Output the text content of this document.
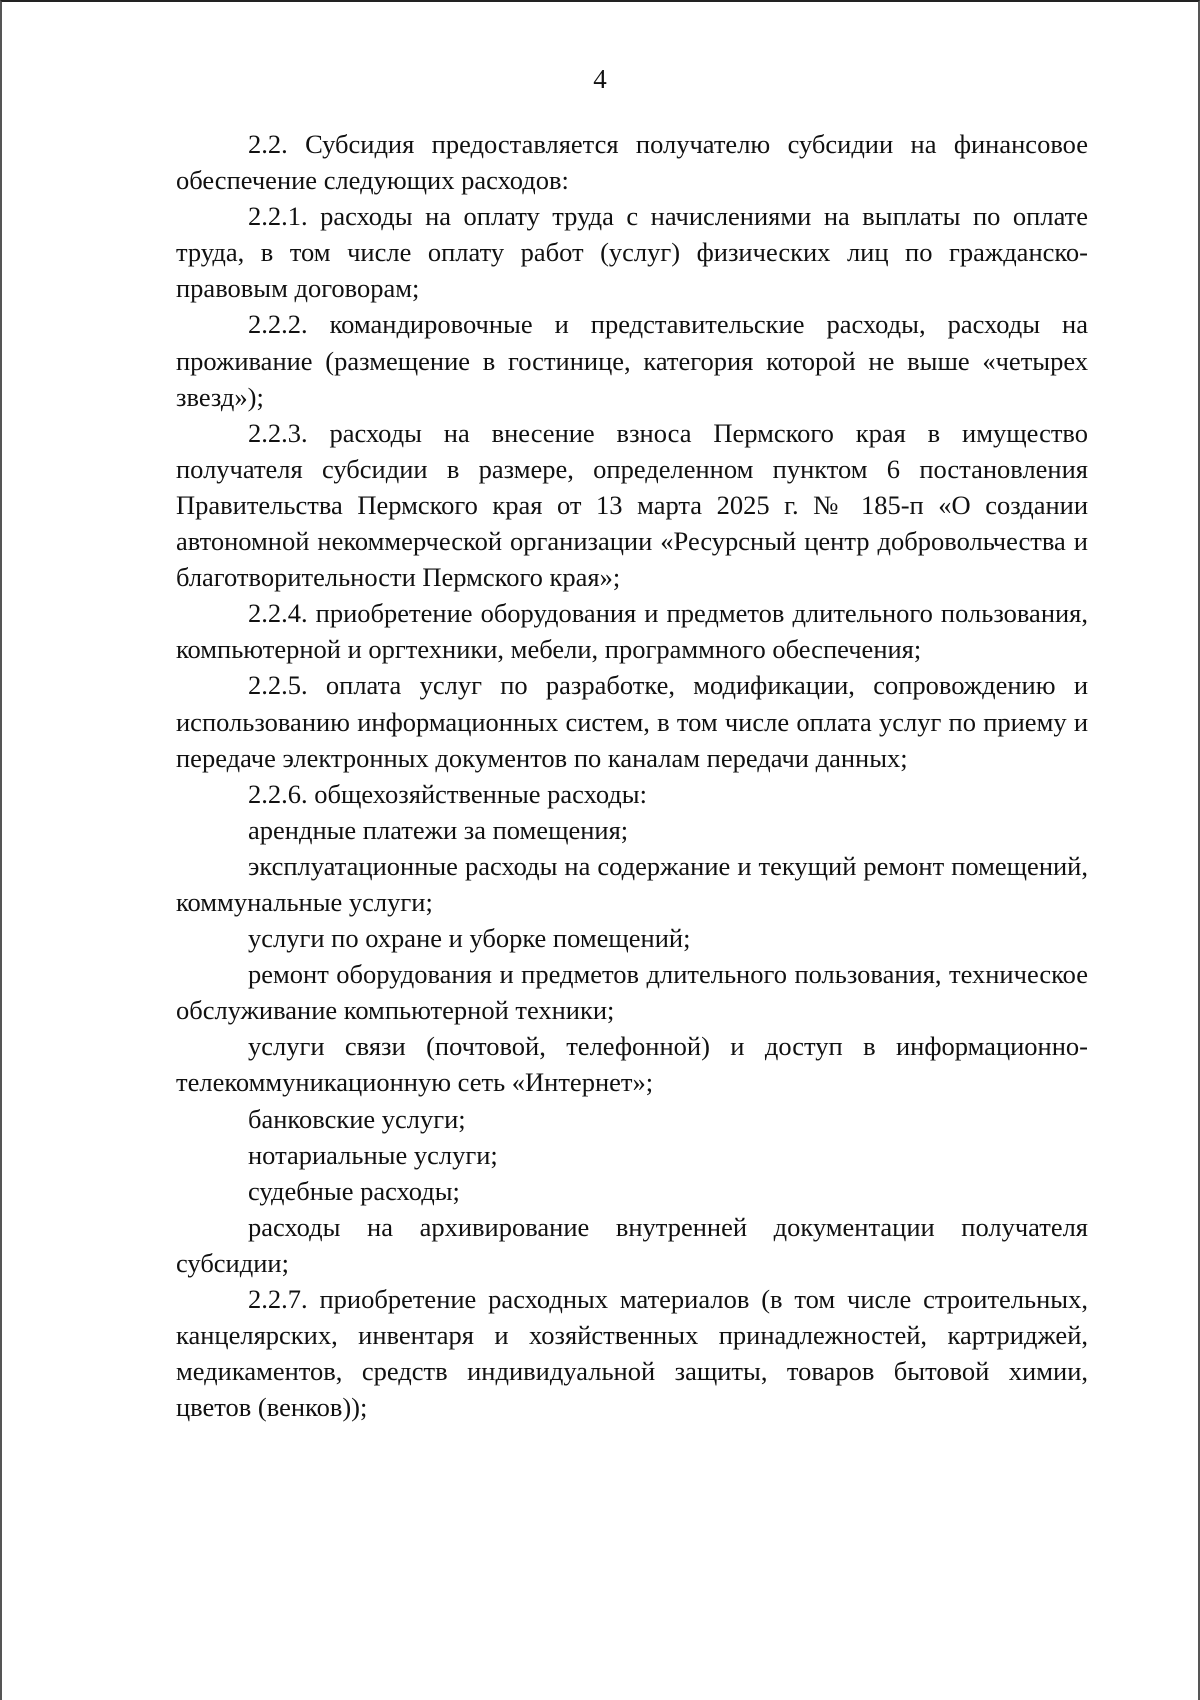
4

2.2. Субсидия предоставляется получателю субсидии на финансовое обеспечение следующих расходов:

2.2.1. расходы на оплату труда с начислениями на выплаты по оплате труда, в том числе оплату работ (услуг) физических лиц по гражданско-правовым договорам;

2.2.2. командировочные и представительские расходы, расходы на проживание (размещение в гостинице, категория которой не выше «четырех звезд»);

2.2.3. расходы на внесение взноса Пермского края в имущество получателя субсидии в размере, определенном пунктом 6 постановления Правительства Пермского края от 13 марта 2025 г. № 185-п «О создании автономной некоммерческой организации «Ресурсный центр добровольчества и благотворительности Пермского края»;

2.2.4. приобретение оборудования и предметов длительного пользования, компьютерной и оргтехники, мебели, программного обеспечения;

2.2.5. оплата услуг по разработке, модификации, сопровождению и использованию информационных систем, в том числе оплата услуг по приему и передаче электронных документов по каналам передачи данных;

2.2.6. общехозяйственные расходы:

арендные платежи за помещения;

эксплуатационные расходы на содержание и текущий ремонт помещений, коммунальные услуги;

услуги по охране и уборке помещений;

ремонт оборудования и предметов длительного пользования, техническое обслуживание компьютерной техники;

услуги связи (почтовой, телефонной) и доступ в информационно-телекоммуникационную сеть «Интернет»;

банковские услуги;

нотариальные услуги;

судебные расходы;

расходы на архивирование внутренней документации получателя субсидии;

2.2.7. приобретение расходных материалов (в том числе строительных, канцелярских, инвентаря и хозяйственных принадлежностей, картриджей, медикаментов, средств индивидуальной защиты, товаров бытовой химии, цветов (венков));
